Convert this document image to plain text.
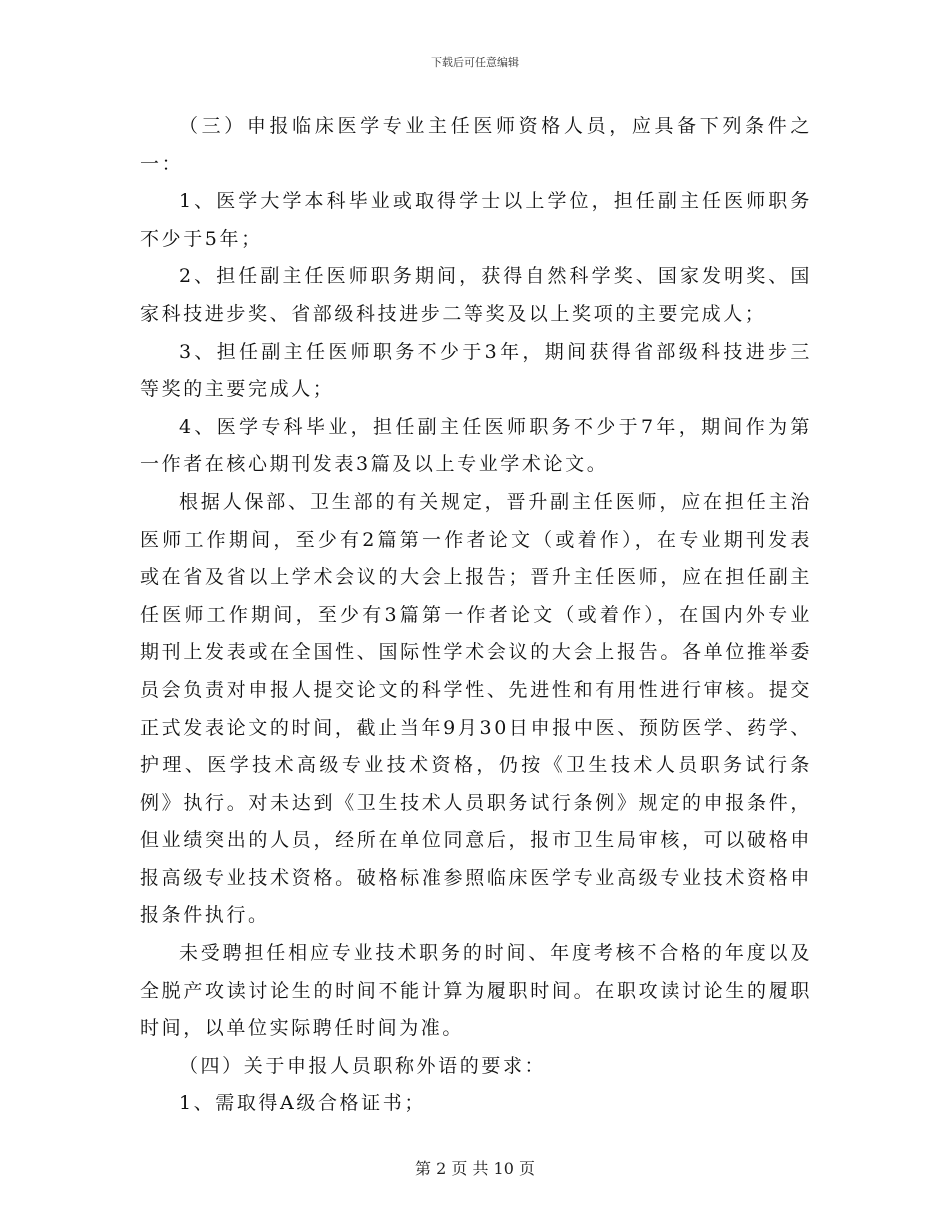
下载后可任意编辑

（三）申报临床医学专业主任医师资格人员，应具备下列条件之一：

1、医学大学本科毕业或取得学士以上学位，担任副主任医师职务不少于5年；

2、担任副主任医师职务期间，获得自然科学奖、国家发明奖、国家科技进步奖、省部级科技进步二等奖及以上奖项的主要完成人；

3、担任副主任医师职务不少于3年，期间获得省部级科技进步三等奖的主要完成人；

4、医学专科毕业，担任副主任医师职务不少于7年，期间作为第一作者在核心期刊发表3篇及以上专业学术论文。

根据人保部、卫生部的有关规定，晋升副主任医师，应在担任主治医师工作期间，至少有2篇第一作者论文（或着作），在专业期刊发表或在省及省以上学术会议的大会上报告；晋升主任医师，应在担任副主任医师工作期间，至少有3篇第一作者论文（或着作），在国内外专业期刊上发表或在全国性、国际性学术会议的大会上报告。各单位推举委员会负责对申报人提交论文的科学性、先进性和有用性进行审核。提交正式发表论文的时间，截止当年9月30日申报中医、预防医学、药学、护理、医学技术高级专业技术资格，仍按《卫生技术人员职务试行条例》执行。对未达到《卫生技术人员职务试行条例》规定的申报条件，但业绩突出的人员，经所在单位同意后，报市卫生局审核，可以破格申报高级专业技术资格。破格标准参照临床医学专业高级专业技术资格申报条件执行。

未受聘担任相应专业技术职务的时间、年度考核不合格的年度以及全脱产攻读讨论生的时间不能计算为履职时间。在职攻读讨论生的履职时间，以单位实际聘任时间为准。

（四）关于申报人员职称外语的要求：

1、需取得A级合格证书；

第 2 页 共 10 页
